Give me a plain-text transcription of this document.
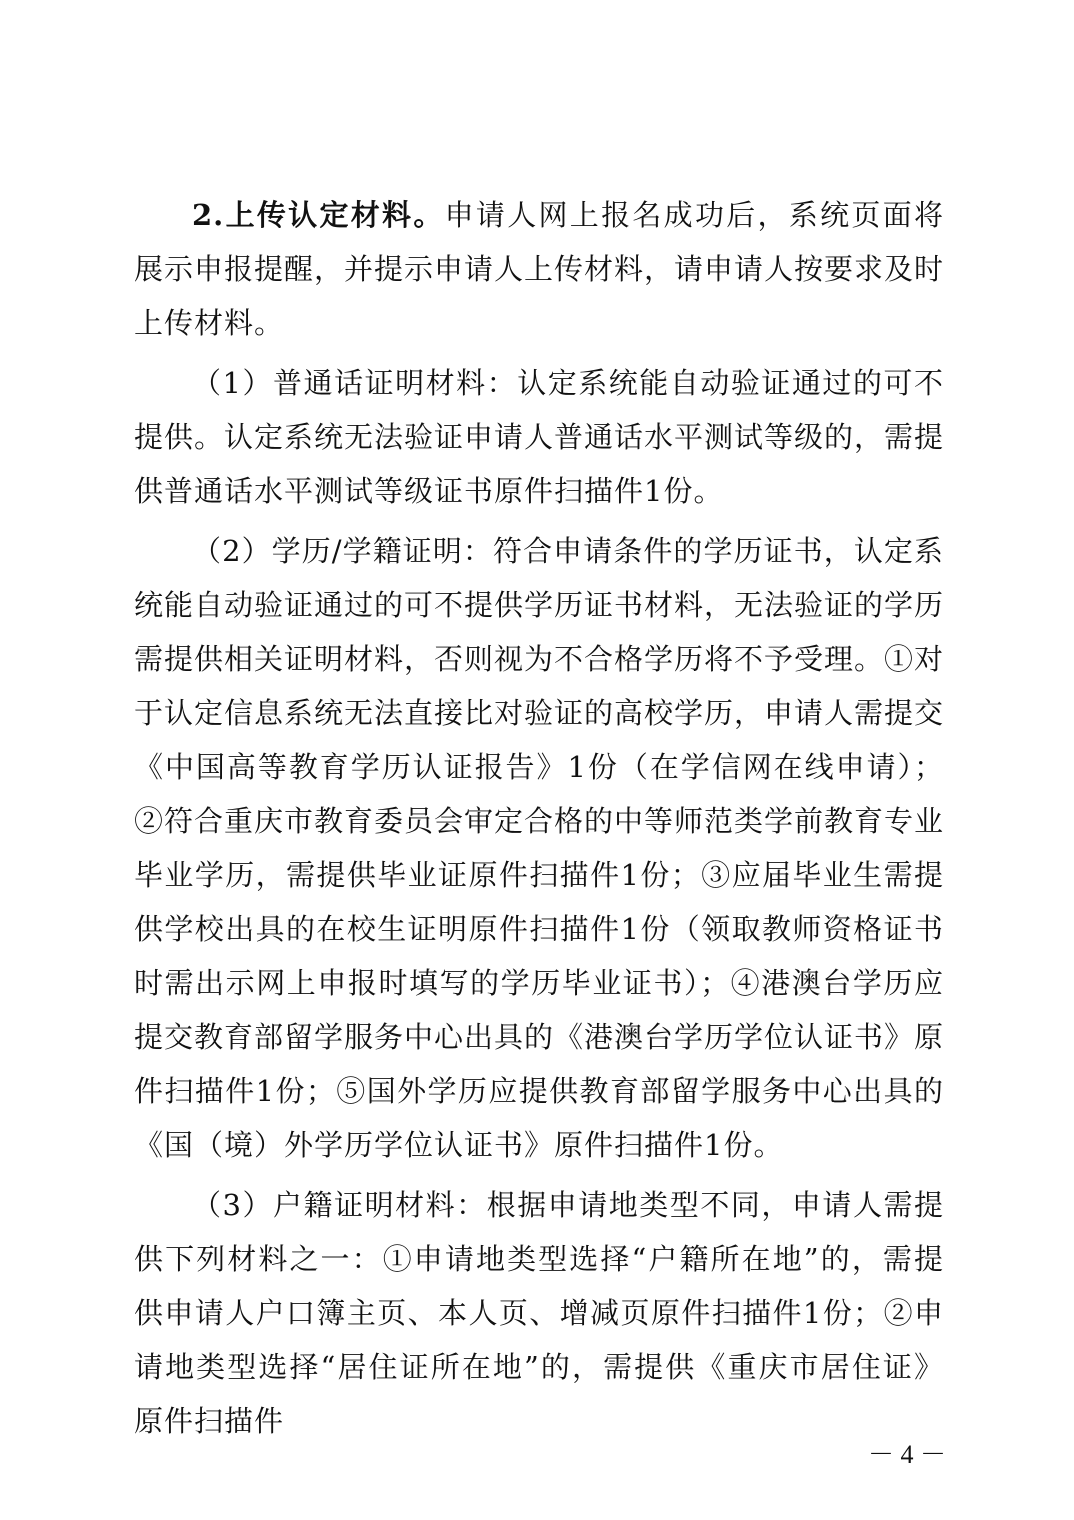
2.上传认定材料。申请人网上报名成功后，系统页面将展示申报提醒，并提示申请人上传材料，请申请人按要求及时上传材料。

（1）普通话证明材料：认定系统能自动验证通过的可不提供。认定系统无法验证申请人普通话水平测试等级的，需提供普通话水平测试等级证书原件扫描件1份。

（2）学历/学籍证明：符合申请条件的学历证书，认定系统能自动验证通过的可不提供学历证书材料，无法验证的学历需提供相关证明材料，否则视为不合格学历将不予受理。①对于认定信息系统无法直接比对验证的高校学历，申请人需提交《中国高等教育学历认证报告》1份（在学信网在线申请）；②符合重庆市教育委员会审定合格的中等师范类学前教育专业毕业学历，需提供毕业证原件扫描件1份；③应届毕业生需提供学校出具的在校生证明原件扫描件1份（领取教师资格证书时需出示网上申报时填写的学历毕业证书）；④港澳台学历应提交教育部留学服务中心出具的《港澳台学历学位认证书》原件扫描件1份；⑤国外学历应提供教育部留学服务中心出具的《国（境）外学历学位认证书》原件扫描件1份。

（3）户籍证明材料：根据申请地类型不同，申请人需提供下列材料之一：①申请地类型选择“户籍所在地”的，需提供申请人户口簿主页、本人页、增减页原件扫描件1份；②申请地类型选择“居住证所在地”的，需提供《重庆市居住证》原件扫描件

－ 4 －
